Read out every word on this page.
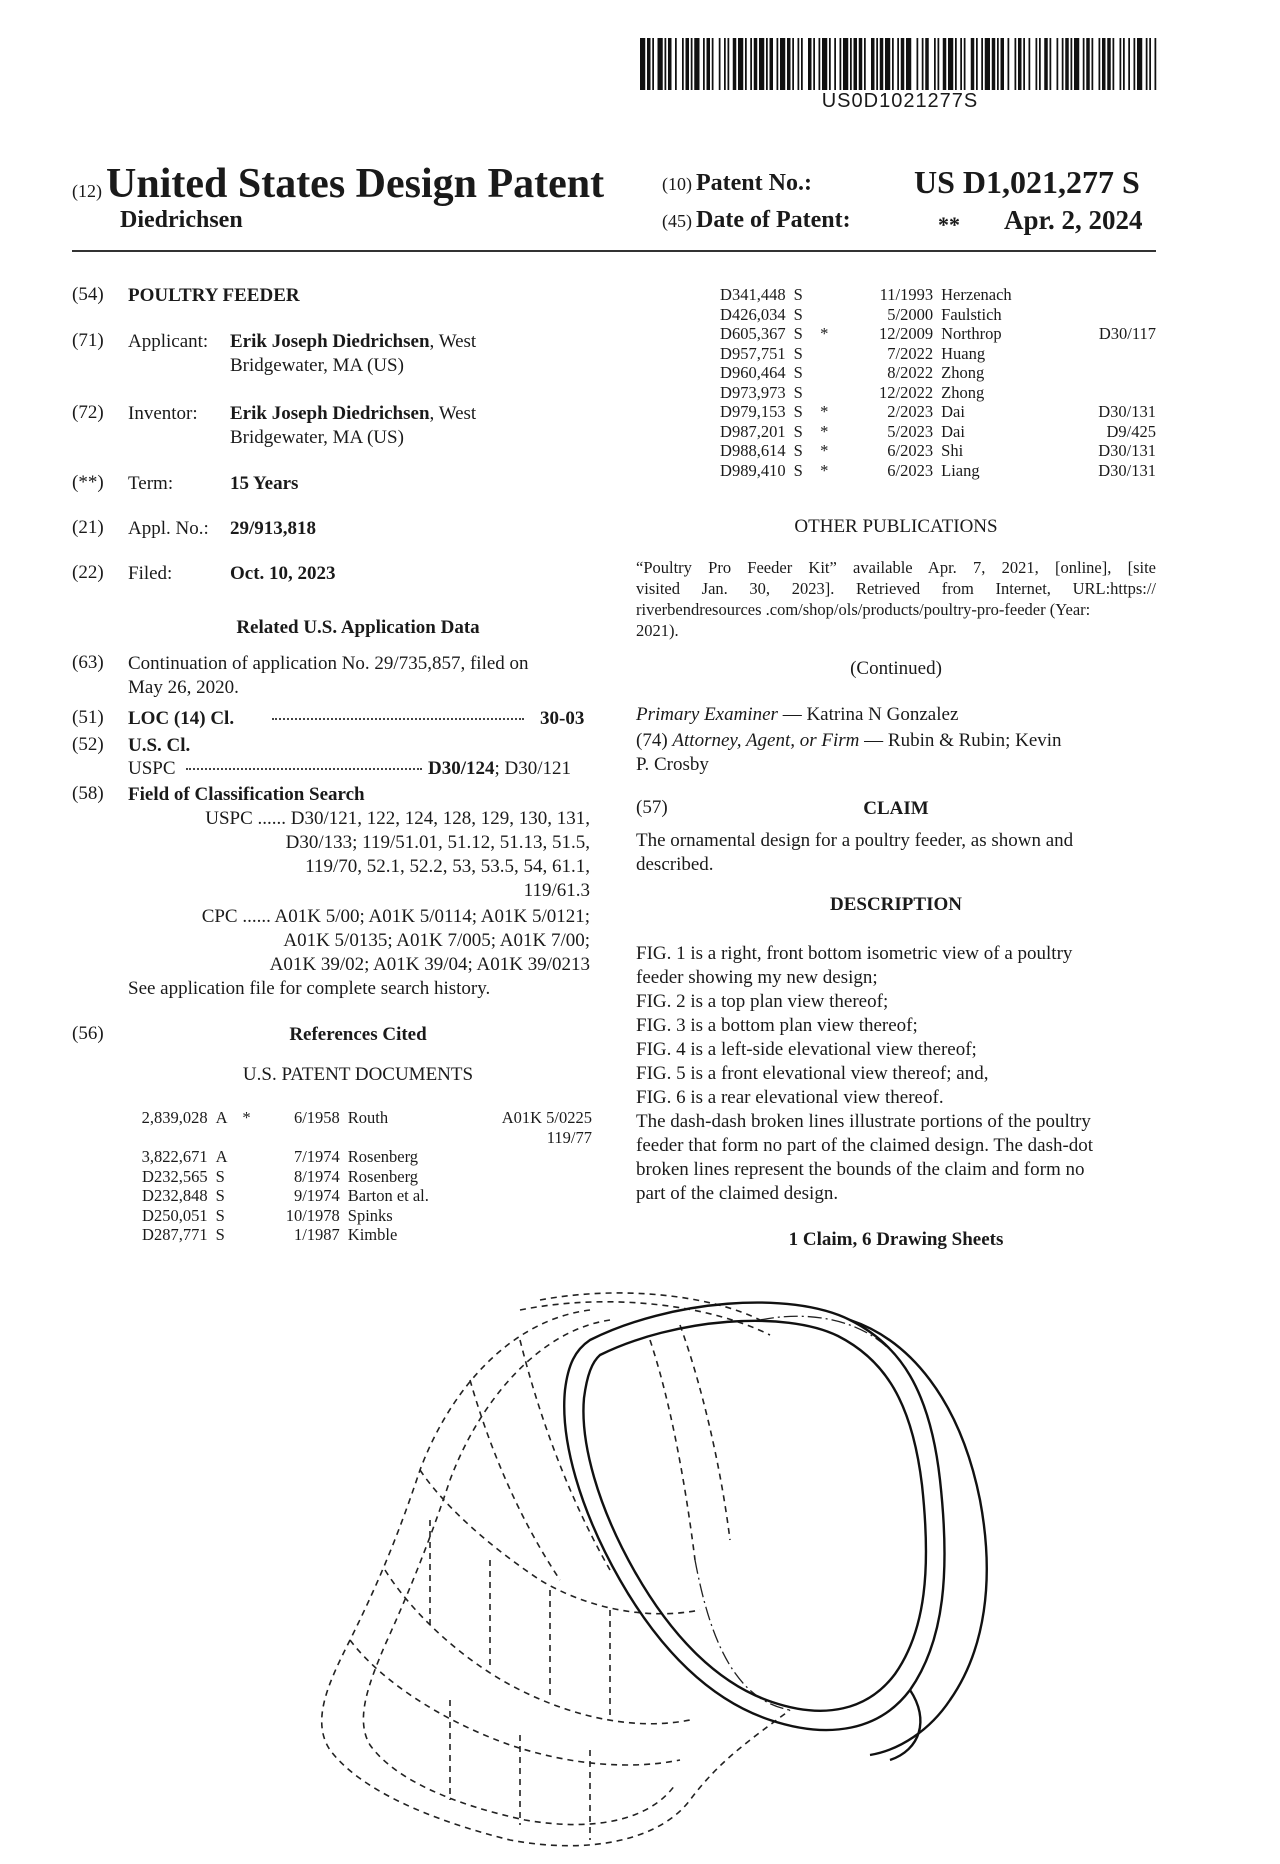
US0D1021277S
(12) United States Design Patent
Diedrichsen
(10) Patent No.:	US D1,021,277 S
(45) Date of Patent:	** Apr. 2, 2024
(54) POULTRY FEEDER
(71) Applicant: Erik Joseph Diedrichsen, West
Bridgewater, MA (US)
(72) Inventor: Erik Joseph Diedrichsen, West
Bridgewater, MA (US)
(**) Term:	15 Years
(21) Appl. No.: 29/913,818
(22) Filed:	Oct. 10, 2023
Related U.S. Application Data
(63) Continuation of application No. 29/735,857, filed on
May 26, 2020.
(51) LOC (14) Cl.	30-03
(52) U.S. Cl.
USPC	D30/124; D30/121
(58) Field of Classification Search
USPC ...... D30/121, 122, 124, 128, 129, 130, 131,
D30/133; 119/51.01, 51.12, 51.13, 51.5,
119/70, 52.1, 52.2, 53, 53.5, 54, 61.1,
119/61.3
CPC ...... A01K 5/00; A01K 5/0114; A01K 5/0121;
A01K 5/0135; A01K 7/005; A01K 7/00;
A01K 39/02; A01K 39/04; A01K 39/0213
See application file for complete search history.
(56)	References Cited
U.S. PATENT DOCUMENTS
2,839,028	A	*	6/1958	Routh	A01K 5/0225
					119/77
3,822,671	A		7/1974	Rosenberg	
D232,565	S		8/1974	Rosenberg	
D232,848	S		9/1974	Barton et al.	
D250,051	S		10/1978	Spinks	
D287,771	S		1/1987	Kimble	
D341,448	S		11/1993	Herzenach	
D426,034	S		5/2000	Faulstich	
D605,367	S	*	12/2009	Northrop	D30/117
D957,751	S		7/2022	Huang	
D960,464	S		8/2022	Zhong	
D973,973	S		12/2022	Zhong	
D979,153	S	*	2/2023	Dai	D30/131
D987,201	S	*	5/2023	Dai	D9/425
D988,614	S	*	6/2023	Shi	D30/131
D989,410	S	*	6/2023	Liang	D30/131
OTHER PUBLICATIONS
“Poultry Pro Feeder Kit” available Apr. 7, 2021, [online], [site
visited Jan. 30, 2023]. Retrieved from Internet, URL:https://
riverbendresources .com/shop/ols/products/poultry-pro-feeder (Year:
2021).
(Continued)
Primary Examiner — Katrina N Gonzalez
(74) Attorney, Agent, or Firm — Rubin & Rubin; Kevin
P. Crosby
(57)	CLAIM
The ornamental design for a poultry feeder, as shown and
described.
DESCRIPTION
FIG. 1 is a right, front bottom isometric view of a poultry
feeder showing my new design;
FIG. 2 is a top plan view thereof;
FIG. 3 is a bottom plan view thereof;
FIG. 4 is a left-side elevational view thereof;
FIG. 5 is a front elevational view thereof; and,
FIG. 6 is a rear elevational view thereof.
The dash-dash broken lines illustrate portions of the poultry
feeder that form no part of the claimed design. The dash-dot
broken lines represent the bounds of the claim and form no
part of the claimed design.
1 Claim, 6 Drawing Sheets
